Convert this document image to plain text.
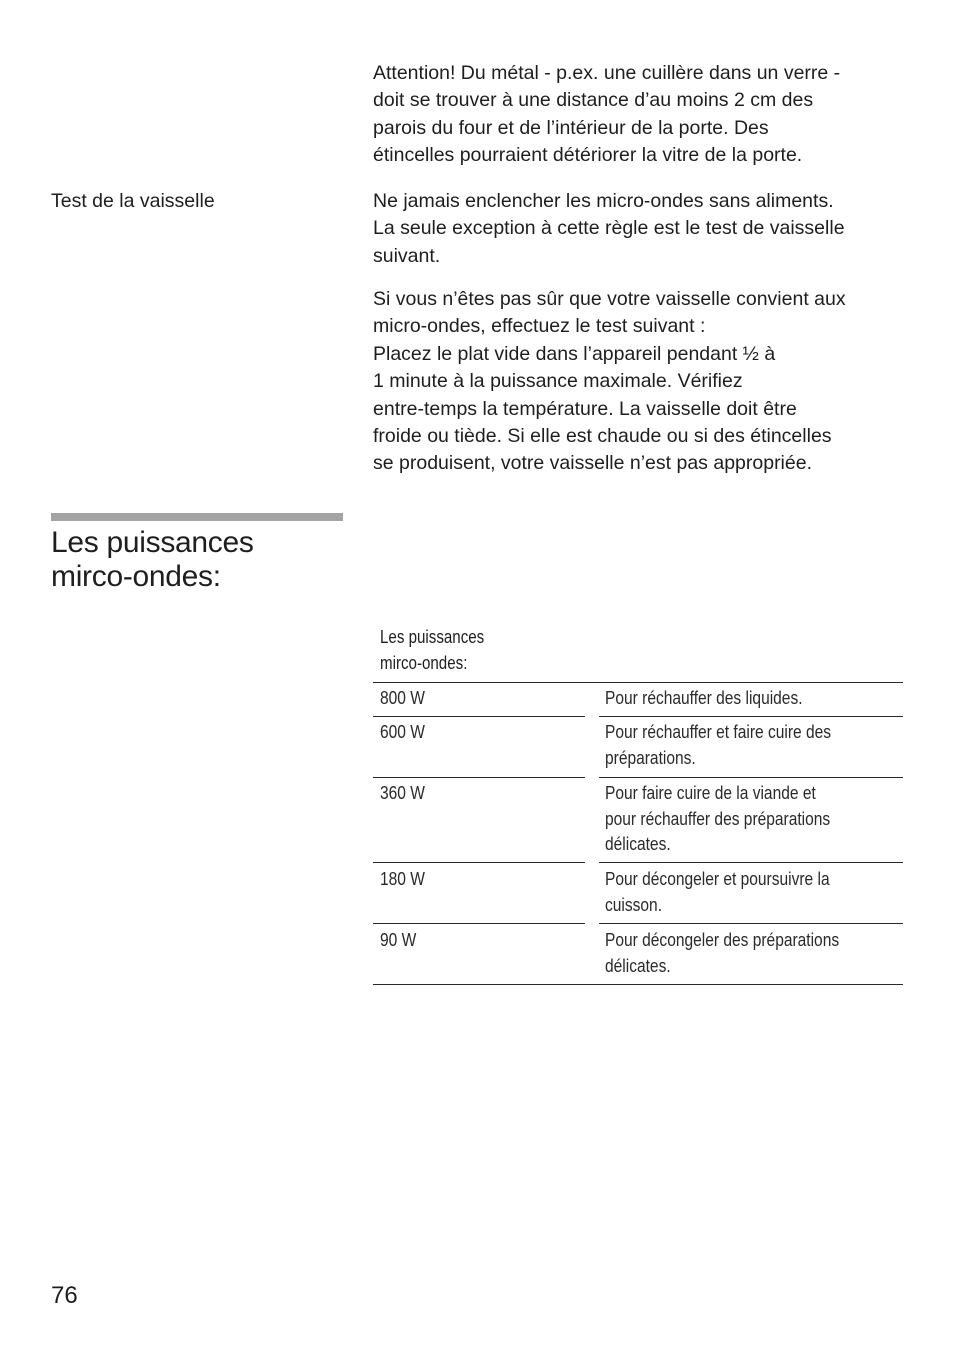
Attention! Du métal - p.ex. une cuillère dans un verre -
doit se trouver à une distance d’au moins 2 cm des
parois du four et de l’intérieur de la porte. Des
étincelles pourraient détériorer la vitre de la porte.

Test de la vaisselle	Ne jamais enclencher les micro-ondes sans aliments.
La seule exception à cette règle est le test de vaisselle
suivant.

Si vous n’êtes pas sûr que votre vaisselle convient aux
micro-ondes, effectuez le test suivant :
Placez le plat vide dans l’appareil pendant ½ à
1 minute à la puissance maximale. Vérifiez
entre-temps la température. La vaisselle doit être
froide ou tiède. Si elle est chaude ou si des étincelles
se produisent, votre vaisselle n’est pas appropriée.

Les puissances
mirco-ondes:
Les puissances
mirco-ondes:
800 W	Pour réchauffer des liquides.
600 W	Pour réchauffer et faire cuire des
préparations.
360 W	Pour faire cuire de la viande et
pour réchauffer des préparations
délicates.
180 W	Pour décongeler et poursuivre la
cuisson.
90 W	Pour décongeler des préparations
délicates.

76
